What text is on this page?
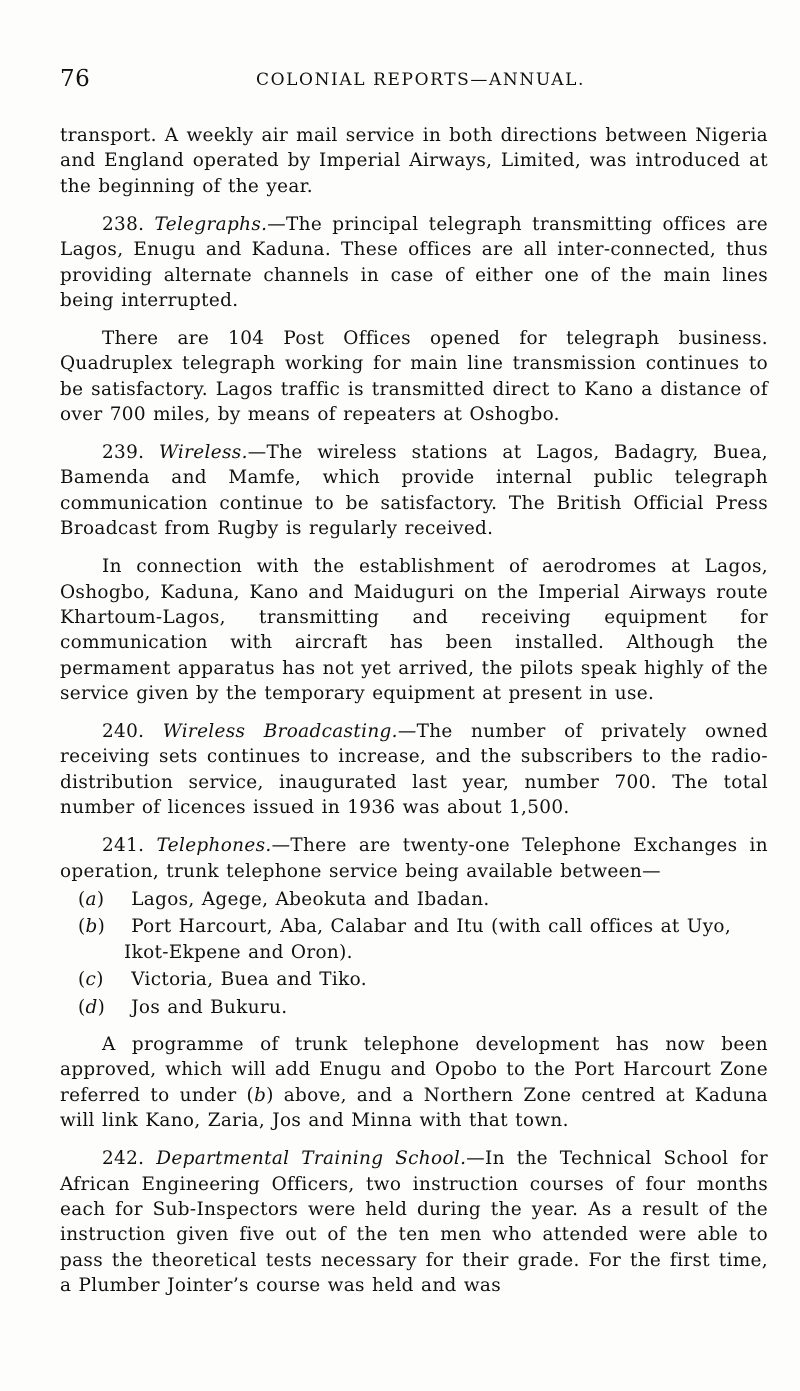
76	COLONIAL REPORTS—ANNUAL.

transport. A weekly air mail service in both directions between Nigeria and England operated by Imperial Airways, Limited, was introduced at the beginning of the year.

238. Telegraphs.—The principal telegraph transmitting offices are Lagos, Enugu and Kaduna. These offices are all inter-connected, thus providing alternate channels in case of either one of the main lines being interrupted.

There are 104 Post Offices opened for telegraph business. Quadruplex telegraph working for main line transmission continues to be satisfactory. Lagos traffic is transmitted direct to Kano a distance of over 700 miles, by means of repeaters at Oshogbo.

239. Wireless.—The wireless stations at Lagos, Badagry, Buea, Bamenda and Mamfe, which provide internal public telegraph communication continue to be satisfactory. The British Official Press Broadcast from Rugby is regularly received.

In connection with the establishment of aerodromes at Lagos, Oshogbo, Kaduna, Kano and Maiduguri on the Imperial Airways route Khartoum-Lagos, transmitting and receiving equipment for communication with aircraft has been installed. Although the permament apparatus has not yet arrived, the pilots speak highly of the service given by the temporary equipment at present in use.

240. Wireless Broadcasting.—The number of privately owned receiving sets continues to increase, and the subscribers to the radio-distribution service, inaugurated last year, number 700. The total number of licences issued in 1936 was about 1,500.

241. Telephones.—There are twenty-one Telephone Exchanges in operation, trunk telephone service being available between—

(a) Lagos, Agege, Abeokuta and Ibadan.
(b) Port Harcourt, Aba, Calabar and Itu (with call offices at Uyo, Ikot-Ekpene and Oron).
(c) Victoria, Buea and Tiko.
(d) Jos and Bukuru.

A programme of trunk telephone development has now been approved, which will add Enugu and Opobo to the Port Harcourt Zone referred to under (b) above, and a Northern Zone centred at Kaduna will link Kano, Zaria, Jos and Minna with that town.

242. Departmental Training School.—In the Technical School for African Engineering Officers, two instruction courses of four months each for Sub-Inspectors were held during the year. As a result of the instruction given five out of the ten men who attended were able to pass the theoretical tests necessary for their grade. For the first time, a Plumber Jointer’s course was held and was
